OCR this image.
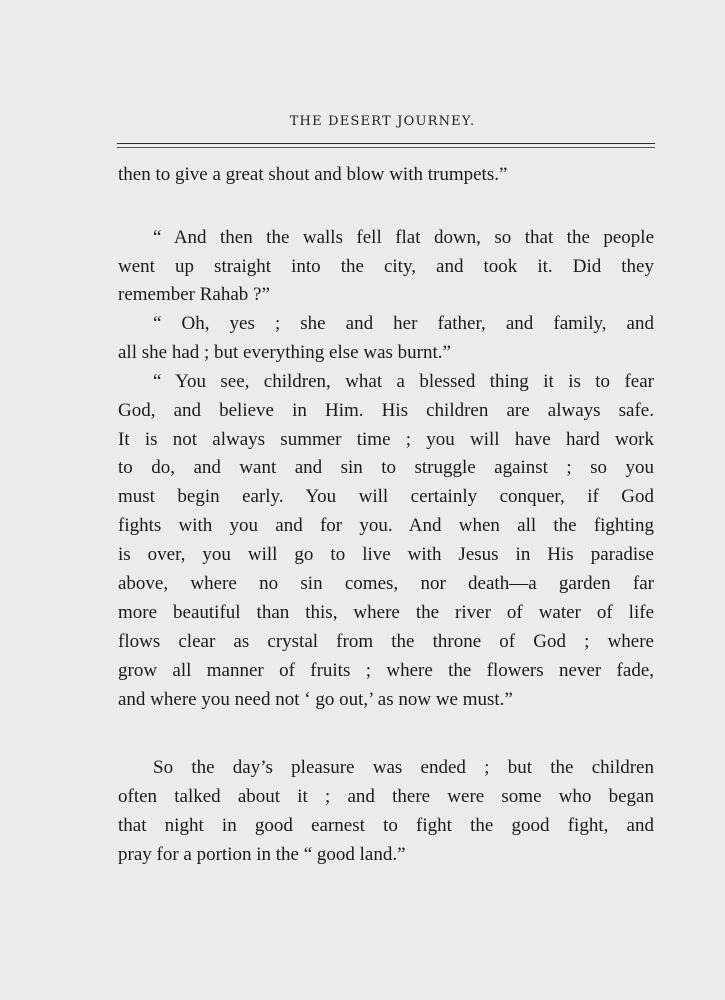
THE DESERT JOURNEY.
then to give a great shout and blow with trumpets.”
“ And then the walls fell flat down, so that the people
went up straight into the city, and took it. Did they
remember Rahab ?”
“ Oh, yes ; she and her father, and family, and
all she had ; but everything else was burnt.”
“ You see, children, what a blessed thing it is to fear
God, and believe in Him. His children are always safe.
It is not always summer time ; you will have hard work
to do, and want and sin to struggle against ; so you
must begin early. You will certainly conquer, if God
fights with you and for you. And when all the fighting
is over, you will go to live with Jesus in His paradise
above, where no sin comes, nor death—a garden far
more beautiful than this, where the river of water of life
flows clear as crystal from the throne of God ; where
grow all manner of fruits ; where the flowers never fade,
and where you need not ‘ go out,’ as now we must.”
So the day’s pleasure was ended ; but the children
often talked about it ; and there were some who began
that night in good earnest to fight the good fight, and
pray for a portion in the “ good land.”
